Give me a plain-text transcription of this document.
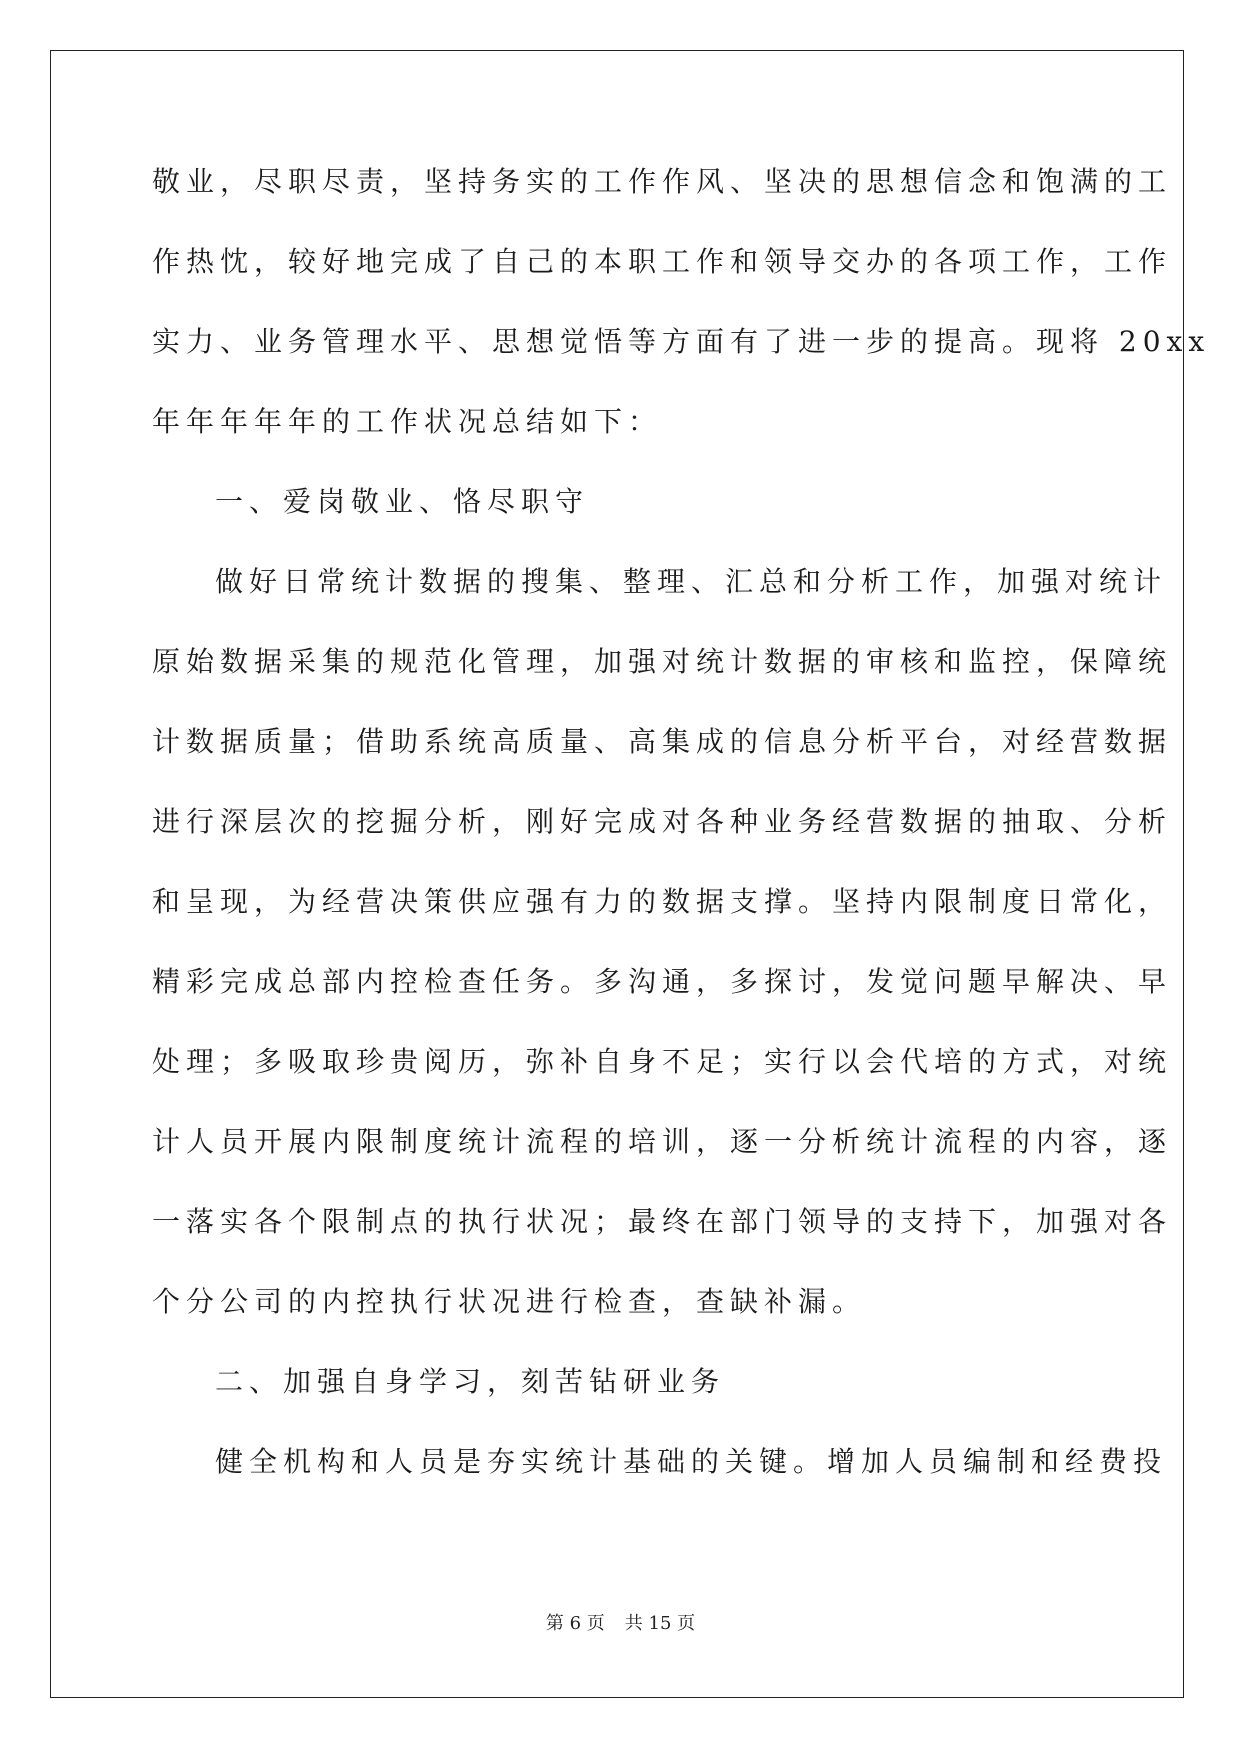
敬业，尽职尽责，坚持务实的工作作风、坚决的思想信念和饱满的工
作热忱，较好地完成了自己的本职工作和领导交办的各项工作，工作
实力、业务管理水平、思想觉悟等方面有了进一步的提高。现将 20xx
年年年年年的工作状况总结如下：
一、爱岗敬业、恪尽职守
做好日常统计数据的搜集、整理、汇总和分析工作，加强对统计
原始数据采集的规范化管理，加强对统计数据的审核和监控，保障统
计数据质量；借助系统高质量、高集成的信息分析平台，对经营数据
进行深层次的挖掘分析，刚好完成对各种业务经营数据的抽取、分析
和呈现，为经营决策供应强有力的数据支撑。坚持内限制度日常化，
精彩完成总部内控检查任务。多沟通，多探讨，发觉问题早解决、早
处理；多吸取珍贵阅历，弥补自身不足；实行以会代培的方式，对统
计人员开展内限制度统计流程的培训，逐一分析统计流程的内容，逐
一落实各个限制点的执行状况；最终在部门领导的支持下，加强对各
个分公司的内控执行状况进行检查，查缺补漏。
二、加强自身学习，刻苦钻研业务
健全机构和人员是夯实统计基础的关键。增加人员编制和经费投
第 6 页 共 15 页
